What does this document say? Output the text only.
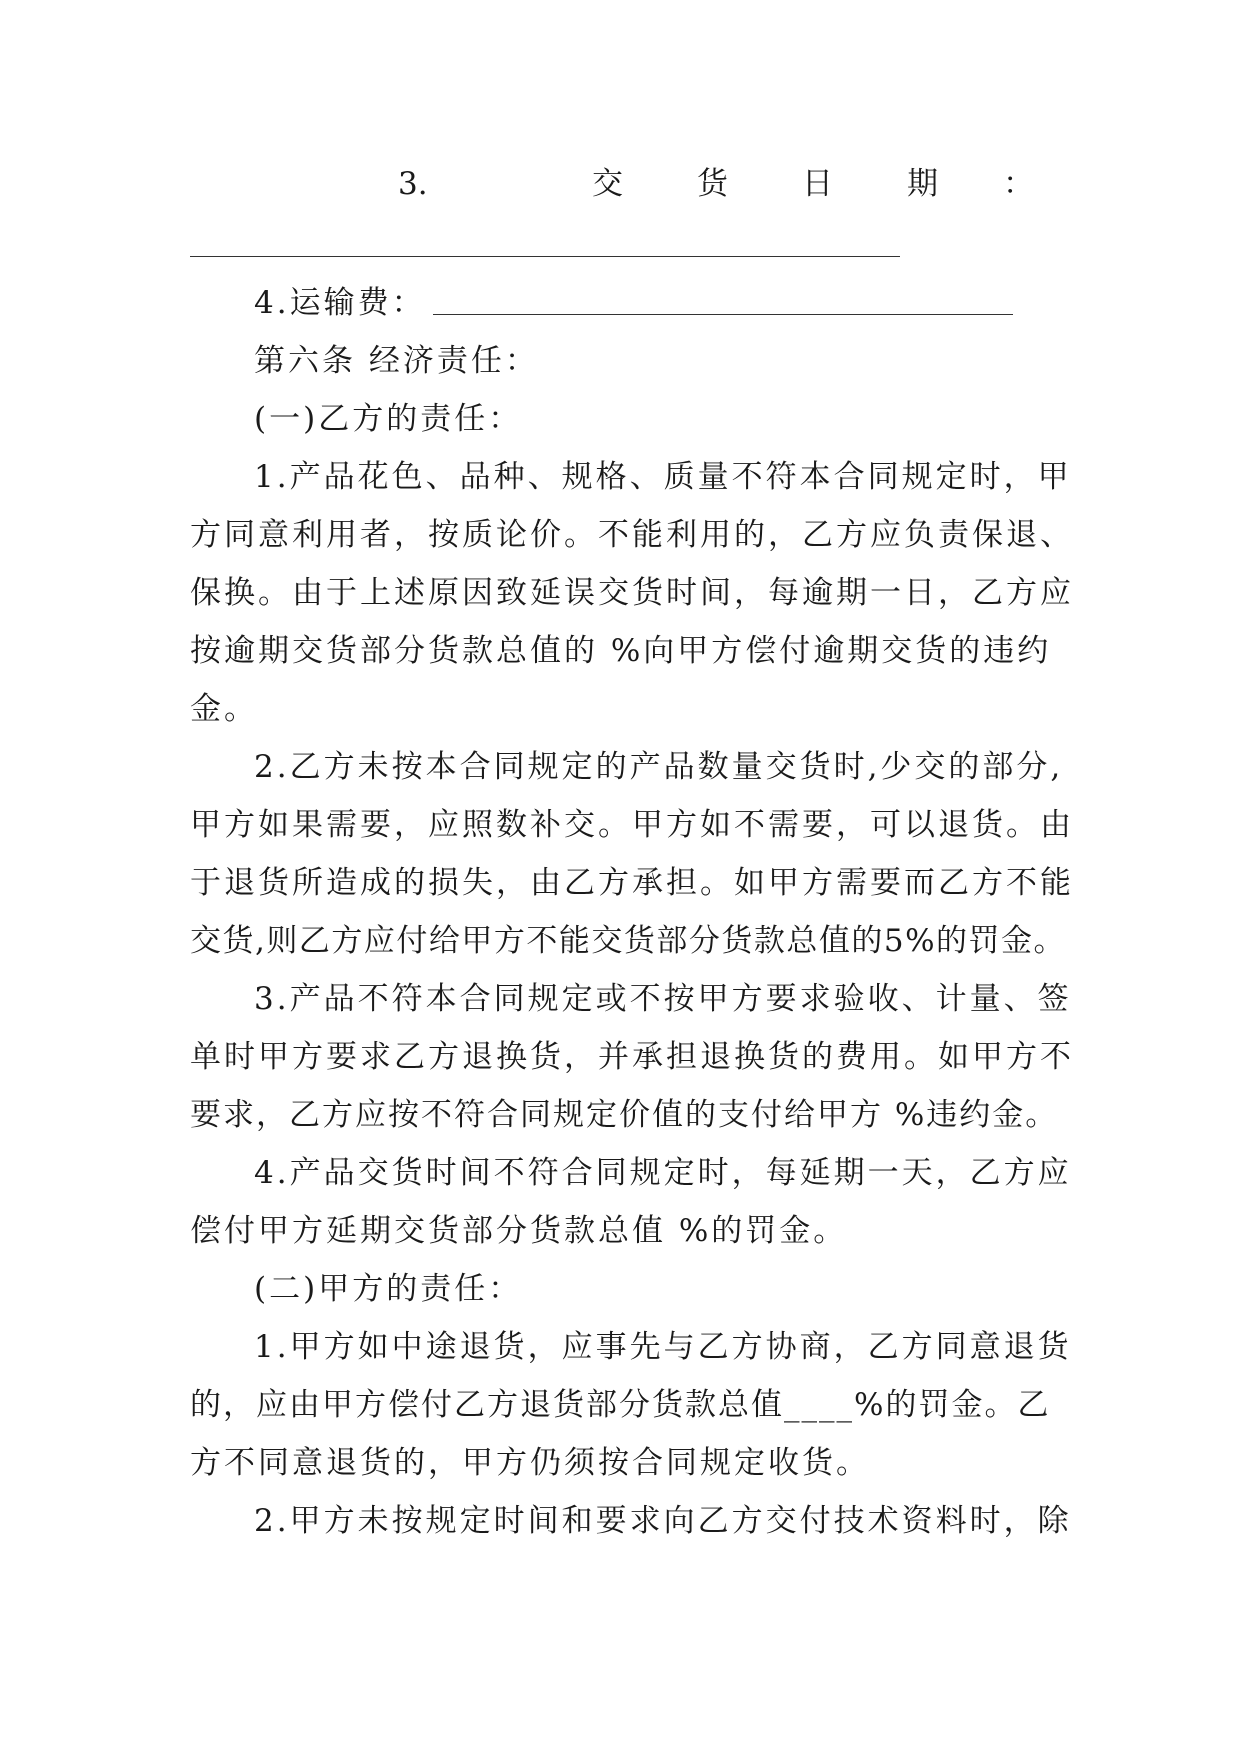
3.	交 货 日 期 ：
4.运输费：
第六条 经济责任：
(一)乙方的责任：
1.产品花色、品种、规格、质量不符本合同规定时，甲
方同意利用者，按质论价。不能利用的，乙方应负责保退、
保换。由于上述原因致延误交货时间，每逾期一日，乙方应
按逾期交货部分货款总值的 %向甲方偿付逾期交货的违约
金。
2.乙方未按本合同规定的产品数量交货时,少交的部分,
甲方如果需要，应照数补交。甲方如不需要，可以退货。由
于退货所造成的损失，由乙方承担。如甲方需要而乙方不能
交货,则乙方应付给甲方不能交货部分货款总值的5%的罚金。
3.产品不符本合同规定或不按甲方要求验收、计量、签
单时甲方要求乙方退换货，并承担退换货的费用。如甲方不
要求，乙方应按不符合同规定价值的支付给甲方 %违约金。
4.产品交货时间不符合同规定时，每延期一天，乙方应
偿付甲方延期交货部分货款总值 %的罚金。
(二)甲方的责任：
1.甲方如中途退货，应事先与乙方协商，乙方同意退货
的，应由甲方偿付乙方退货部分货款总值____%的罚金。乙
方不同意退货的，甲方仍须按合同规定收货。
2.甲方未按规定时间和要求向乙方交付技术资料时，除
